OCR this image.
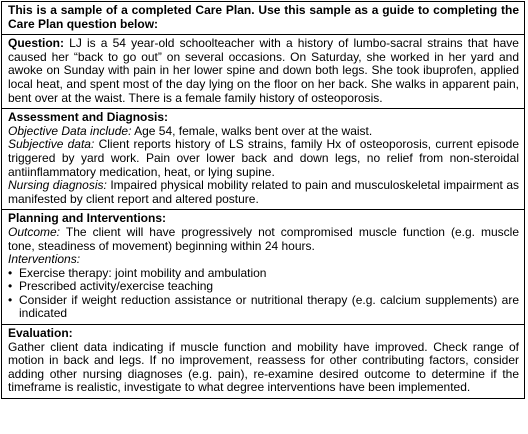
This is a sample of a completed Care Plan. Use this sample as a guide to completing the Care Plan question below:
Question: LJ is a 54 year-old schoolteacher with a history of lumbo-sacral strains that have caused her “back to go out” on several occasions. On Saturday, she worked in her yard and awoke on Sunday with pain in her lower spine and down both legs. She took ibuprofen, applied local heat, and spent most of the day lying on the floor on her back. She walks in apparent pain, bent over at the waist. There is a female family history of osteoporosis.

Assessment and Diagnosis:
Objective Data include: Age 54, female, walks bent over at the waist.
Subjective data: Client reports history of LS strains, family Hx of osteoporosis, current episode triggered by yard work. Pain over lower back and down legs, no relief from non-steroidal antiinflammatory medication, heat, or lying supine.
Nursing diagnosis: Impaired physical mobility related to pain and musculoskeletal impairment as manifested by client report and altered posture.

Planning and Interventions:
Outcome: The client will have progressively not compromised muscle function (e.g. muscle tone, steadiness of movement) beginning within 24 hours.
Interventions:
• Exercise therapy: joint mobility and ambulation
• Prescribed activity/exercise teaching
• Consider if weight reduction assistance or nutritional therapy (e.g. calcium supplements) are indicated

Evaluation:
Gather client data indicating if muscle function and mobility have improved. Check range of motion in back and legs. If no improvement, reassess for other contributing factors, consider adding other nursing diagnoses (e.g. pain), re-examine desired outcome to determine if the timeframe is realistic, investigate to what degree interventions have been implemented.
